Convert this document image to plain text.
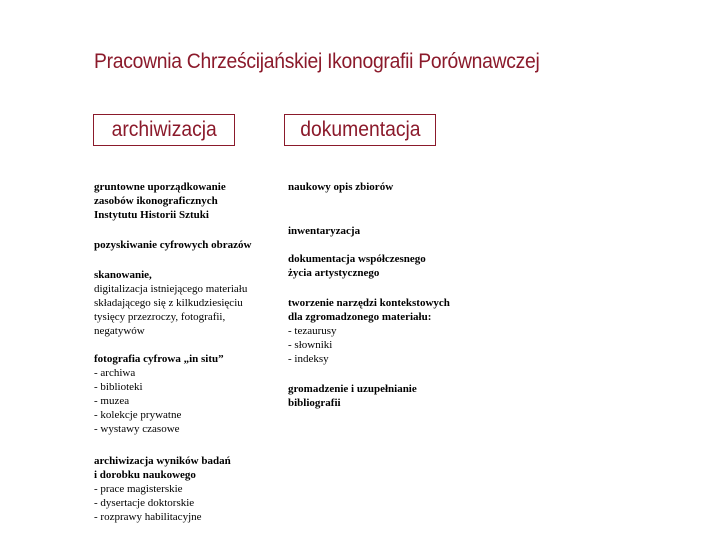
Pracownia Chrześcijańskiej Ikonografii Porównawczej
archiwizacja	dokumentacja
gruntowne uporządkowanie
zasobów ikonograficznych
Instytutu Historii Sztuki
pozyskiwanie cyfrowych obrazów
skanowanie,
digitalizacja istniejącego materiału
składającego się z kilkudziesięciu
tysięcy przezroczy, fotografii,
negatywów
fotografia cyfrowa „in situ”
- archiwa
- biblioteki
- muzea
- kolekcje prywatne
- wystawy czasowe
archiwizacja wyników badań
i dorobku naukowego
- prace magisterskie
- dysertacje doktorskie
- rozprawy habilitacyjne
naukowy opis zbiorów
inwentaryzacja
dokumentacja współczesnego
życia artystycznego
tworzenie narzędzi kontekstowych
dla zgromadzonego materiału:
- tezaurusy
- słowniki
- indeksy
gromadzenie i uzupełnianie
bibliografii
